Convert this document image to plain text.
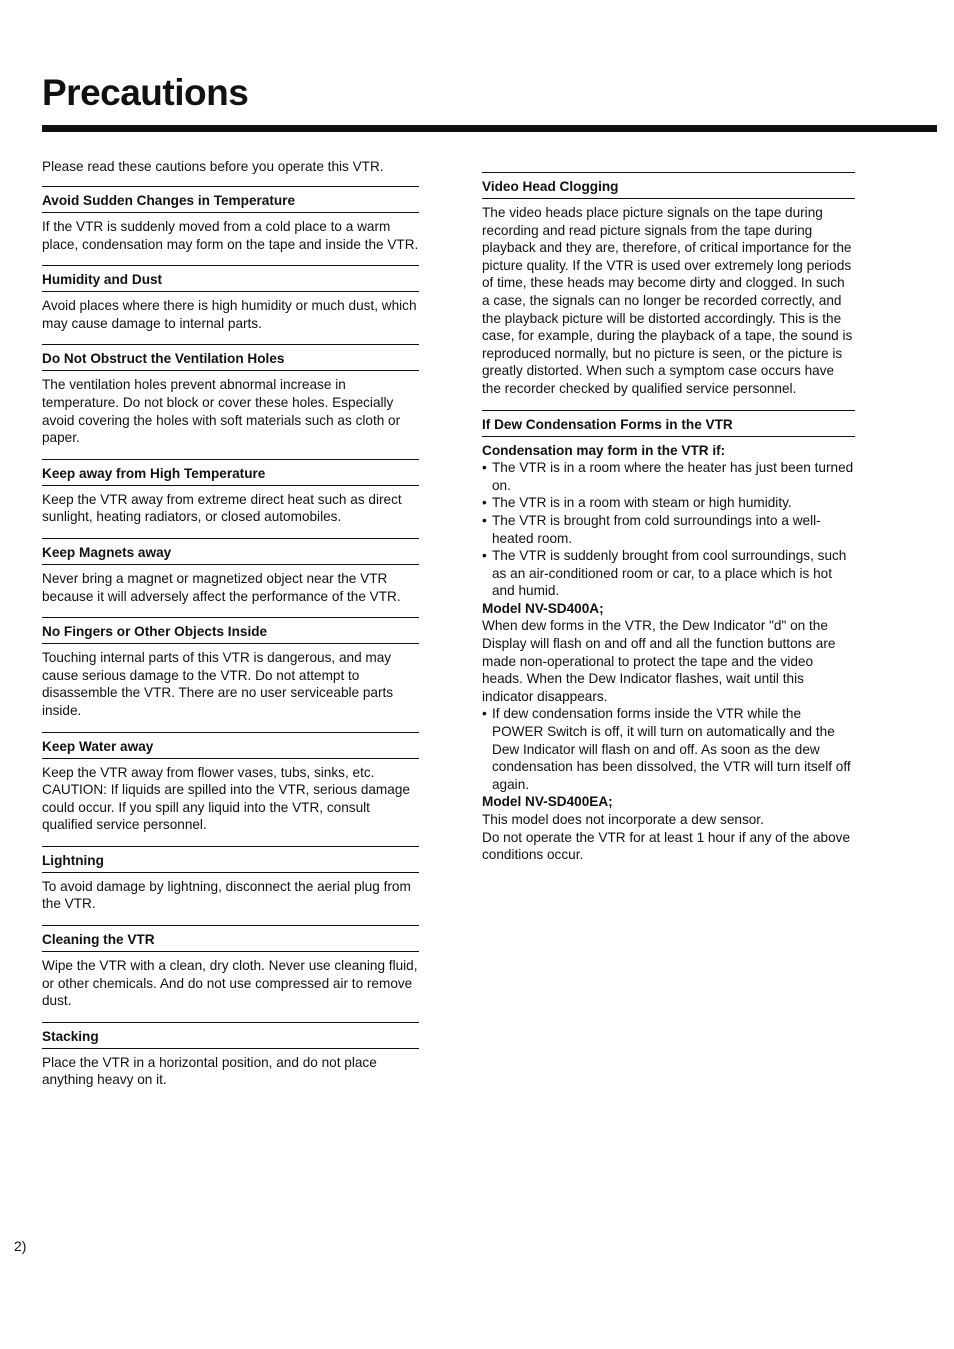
Precautions

Please read these cautions before you operate this VTR.

Avoid Sudden Changes in Temperature

If the VTR is suddenly moved from a cold place to a warm place, condensation may form on the tape and inside the VTR.

Humidity and Dust

Avoid places where there is high humidity or much dust, which may cause damage to internal parts.

Do Not Obstruct the Ventilation Holes

The ventilation holes prevent abnormal increase in temperature. Do not block or cover these holes. Especially avoid covering the holes with soft materials such as cloth or paper.

Keep away from High Temperature

Keep the VTR away from extreme direct heat such as direct sunlight, heating radiators, or closed automobiles.

Keep Magnets away

Never bring a magnet or magnetized object near the VTR because it will adversely affect the performance of the VTR.

No Fingers or Other Objects Inside

Touching internal parts of this VTR is dangerous, and may cause serious damage to the VTR. Do not attempt to disassemble the VTR. There are no user serviceable parts inside.

Keep Water away

Keep the VTR away from flower vases, tubs, sinks, etc.

CAUTION: If liquids are spilled into the VTR, serious damage could occur. If you spill any liquid into the VTR, consult qualified service personnel.

Lightning

To avoid damage by lightning, disconnect the aerial plug from the VTR.

Cleaning the VTR

Wipe the VTR with a clean, dry cloth. Never use cleaning fluid, or other chemicals. And do not use compressed air to remove dust.

Stacking

Place the VTR in a horizontal position, and do not place anything heavy on it.

Video Head Clogging

The video heads place picture signals on the tape during recording and read picture signals from the tape during playback and they are, therefore, of critical importance for the picture quality. If the VTR is used over extremely long periods of time, these heads may become dirty and clogged. In such a case, the signals can no longer be recorded correctly, and the playback picture will be distorted accordingly. This is the case, for example, during the playback of a tape, the sound is reproduced normally, but no picture is seen, or the picture is greatly distorted. When such a symptom case occurs have the recorder checked by qualified service personnel.

If Dew Condensation Forms in the VTR

Condensation may form in the VTR if:

• The VTR is in a room where the heater has just been turned on.
• The VTR is in a room with steam or high humidity.
• The VTR is brought from cold surroundings into a well-heated room.
• The VTR is suddenly brought from cool surroundings, such as an air-conditioned room or car, to a place which is hot and humid.

Model NV-SD400A;

When dew forms in the VTR, the Dew Indicator "d" on the Display will flash on and off and all the function buttons are made non-operational to protect the tape and the video heads. When the Dew Indicator flashes, wait until this indicator disappears.

• If dew condensation forms inside the VTR while the POWER Switch is off, it will turn on automatically and the Dew Indicator will flash on and off. As soon as the dew condensation has been dissolved, the VTR will turn itself off again.

Model NV-SD400EA;

This model does not incorporate a dew sensor.

Do not operate the VTR for at least 1 hour if any of the above conditions occur.

2)
